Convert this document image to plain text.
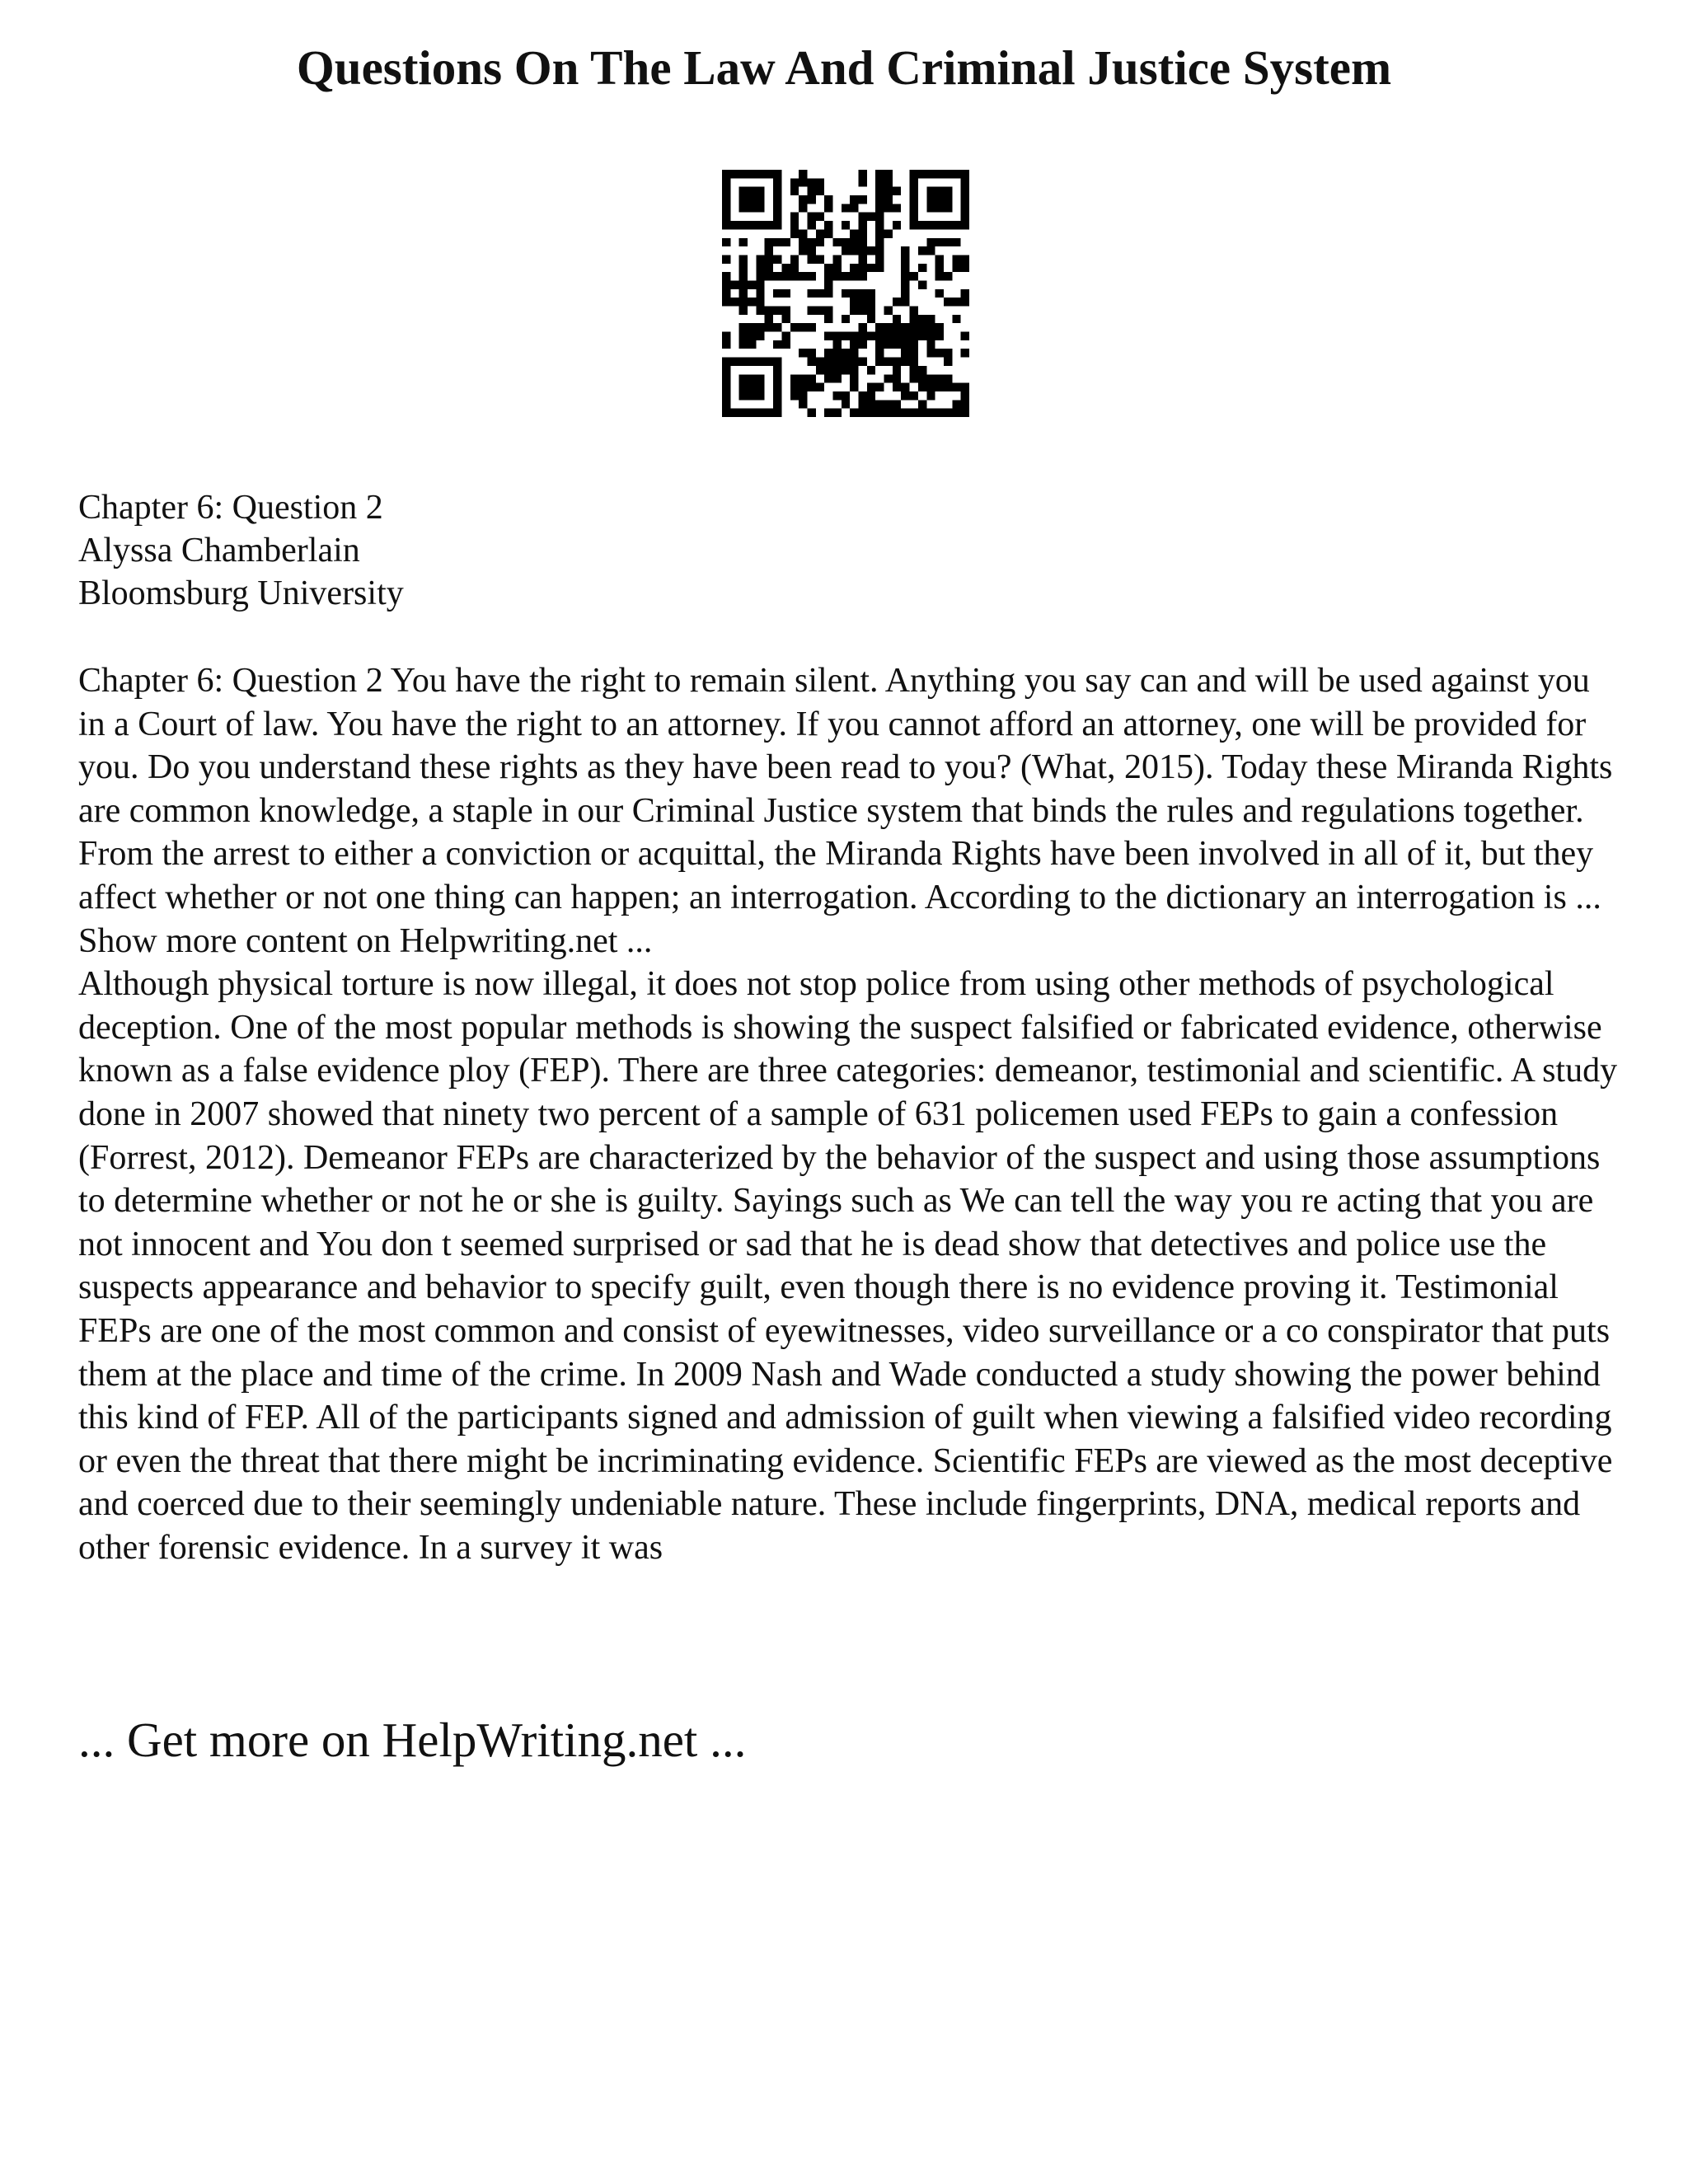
Questions On The Law And Criminal Justice System
Chapter 6: Question 2
Alyssa Chamberlain
Bloomsburg University

Chapter 6: Question 2 You have the right to remain silent. Anything you say can and will be used against you in a Court of law. You have the right to an attorney. If you cannot afford an attorney, one will be provided for you. Do you understand these rights as they have been read to you? (What, 2015). Today these Miranda Rights are common knowledge, a staple in our Criminal Justice system that binds the rules and regulations together. From the arrest to either a conviction or acquittal, the Miranda Rights have been involved in all of it, but they affect whether or not one thing can happen; an interrogation. According to the dictionary an interrogation is ... Show more content on Helpwriting.net ...

Although physical torture is now illegal, it does not stop police from using other methods of psychological deception. One of the most popular methods is showing the suspect falsified or fabricated evidence, otherwise known as a false evidence ploy (FEP). There are three categories: demeanor, testimonial and scientific. A study done in 2007 showed that ninety two percent of a sample of 631 policemen used FEPs to gain a confession (Forrest, 2012). Demeanor FEPs are characterized by the behavior of the suspect and using those assumptions to determine whether or not he or she is guilty. Sayings such as We can tell the way you re acting that you are not innocent and You don t seemed surprised or sad that he is dead show that detectives and police use the suspects appearance and behavior to specify guilt, even though there is no evidence proving it. Testimonial FEPs are one of the most common and consist of eyewitnesses, video surveillance or a co conspirator that puts them at the place and time of the crime. In 2009 Nash and Wade conducted a study showing the power behind this kind of FEP. All of the participants signed and admission of guilt when viewing a falsified video recording or even the threat that there might be incriminating evidence. Scientific FEPs are viewed as the most deceptive and coerced due to their seemingly undeniable nature. These include fingerprints, DNA, medical reports and other forensic evidence. In a survey it was

... Get more on HelpWriting.net ...
